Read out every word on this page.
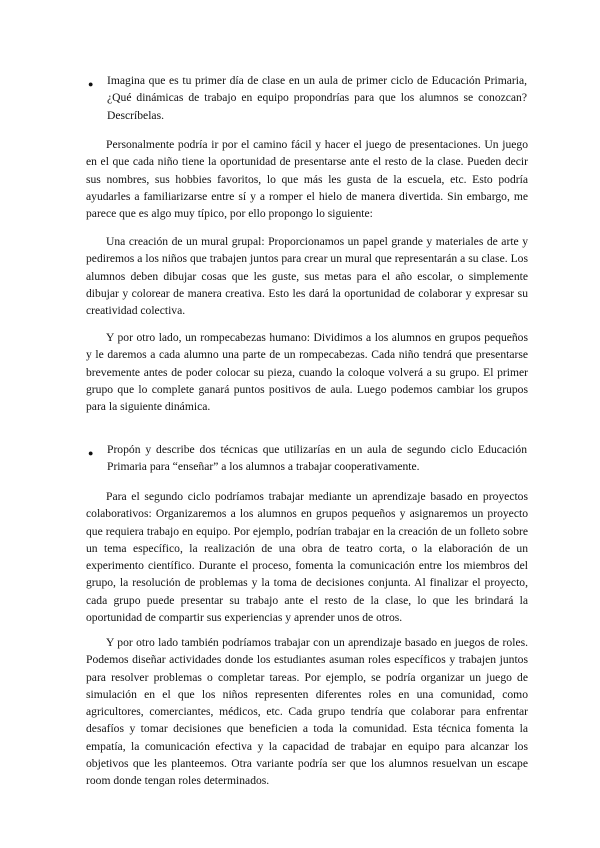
● Imagina que es tu primer día de clase en un aula de primer ciclo de Educación Primaria, ¿Qué dinámicas de trabajo en equipo propondrías para que los alumnos se conozcan? Descríbelas.
Personalmente podría ir por el camino fácil y hacer el juego de presentaciones. Un juego en el que cada niño tiene la oportunidad de presentarse ante el resto de la clase. Pueden decir sus nombres, sus hobbies favoritos, lo que más les gusta de la escuela, etc. Esto podría ayudarles a familiarizarse entre sí y a romper el hielo de manera divertida. Sin embargo, me parece que es algo muy típico, por ello propongo lo siguiente:
Una creación de un mural grupal: Proporcionamos un papel grande y materiales de arte y pediremos a los niños que trabajen juntos para crear un mural que representarán a su clase. Los alumnos deben dibujar cosas que les guste, sus metas para el año escolar, o simplemente dibujar y colorear de manera creativa. Esto les dará la oportunidad de colaborar y expresar su creatividad colectiva.
Y por otro lado, un rompecabezas humano: Dividimos a los alumnos en grupos pequeños y le daremos a cada alumno una parte de un rompecabezas. Cada niño tendrá que presentarse brevemente antes de poder colocar su pieza, cuando la coloque volverá a su grupo. El primer grupo que lo complete ganará puntos positivos de aula. Luego podemos cambiar los grupos para la siguiente dinámica.
● Propón y describe dos técnicas que utilizarías en un aula de segundo ciclo Educación Primaria para “enseñar” a los alumnos a trabajar cooperativamente.
Para el segundo ciclo podríamos trabajar mediante un aprendizaje basado en proyectos colaborativos: Organizaremos a los alumnos en grupos pequeños y asignaremos un proyecto que requiera trabajo en equipo. Por ejemplo, podrían trabajar en la creación de un folleto sobre un tema específico, la realización de una obra de teatro corta, o la elaboración de un experimento científico. Durante el proceso, fomenta la comunicación entre los miembros del grupo, la resolución de problemas y la toma de decisiones conjunta. Al finalizar el proyecto, cada grupo puede presentar su trabajo ante el resto de la clase, lo que les brindará la oportunidad de compartir sus experiencias y aprender unos de otros.
Y por otro lado también podríamos trabajar con un aprendizaje basado en juegos de roles. Podemos diseñar actividades donde los estudiantes asuman roles específicos y trabajen juntos para resolver problemas o completar tareas. Por ejemplo, se podría organizar un juego de simulación en el que los niños representen diferentes roles en una comunidad, como agricultores, comerciantes, médicos, etc. Cada grupo tendría que colaborar para enfrentar desafíos y tomar decisiones que beneficien a toda la comunidad. Esta técnica fomenta la empatía, la comunicación efectiva y la capacidad de trabajar en equipo para alcanzar los objetivos que les planteemos. Otra variante podría ser que los alumnos resuelvan un escape room donde tengan roles determinados.
